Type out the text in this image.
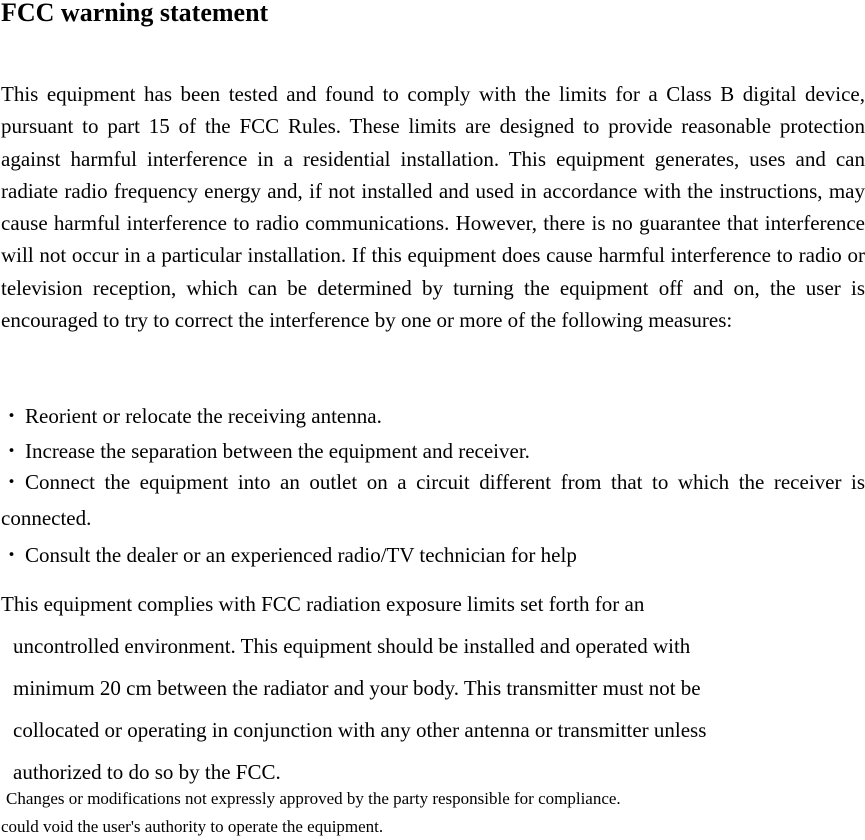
FCC warning statement

This equipment has been tested and found to comply with the limits for a Class B digital device, pursuant to part 15 of the FCC Rules. These limits are designed to provide reasonable protection against harmful interference in a residential installation. This equipment generates, uses and can radiate radio frequency energy and, if not installed and used in accordance with the instructions, may cause harmful interference to radio communications. However, there is no guarantee that interference will not occur in a particular installation. If this equipment does cause harmful interference to radio or television reception, which can be determined by turning the equipment off and on, the user is encouraged to try to correct the interference by one or more of the following measures:

・ Reorient or relocate the receiving antenna.

・ Increase the separation between the equipment and receiver.

・ Connect the equipment into an outlet on a circuit different from that to which the receiver is connected.

・ Consult the dealer or an experienced radio/TV technician for help

This equipment complies with FCC radiation exposure limits set forth for an
uncontrolled environment. This equipment should be installed and operated with
minimum 20 cm between the radiator and your body. This transmitter must not be
collocated or operating in conjunction with any other antenna or transmitter unless
authorized to do so by the FCC.

Changes or modifications not expressly approved by the party responsible for compliance.

could void the user's authority to operate the equipment.
